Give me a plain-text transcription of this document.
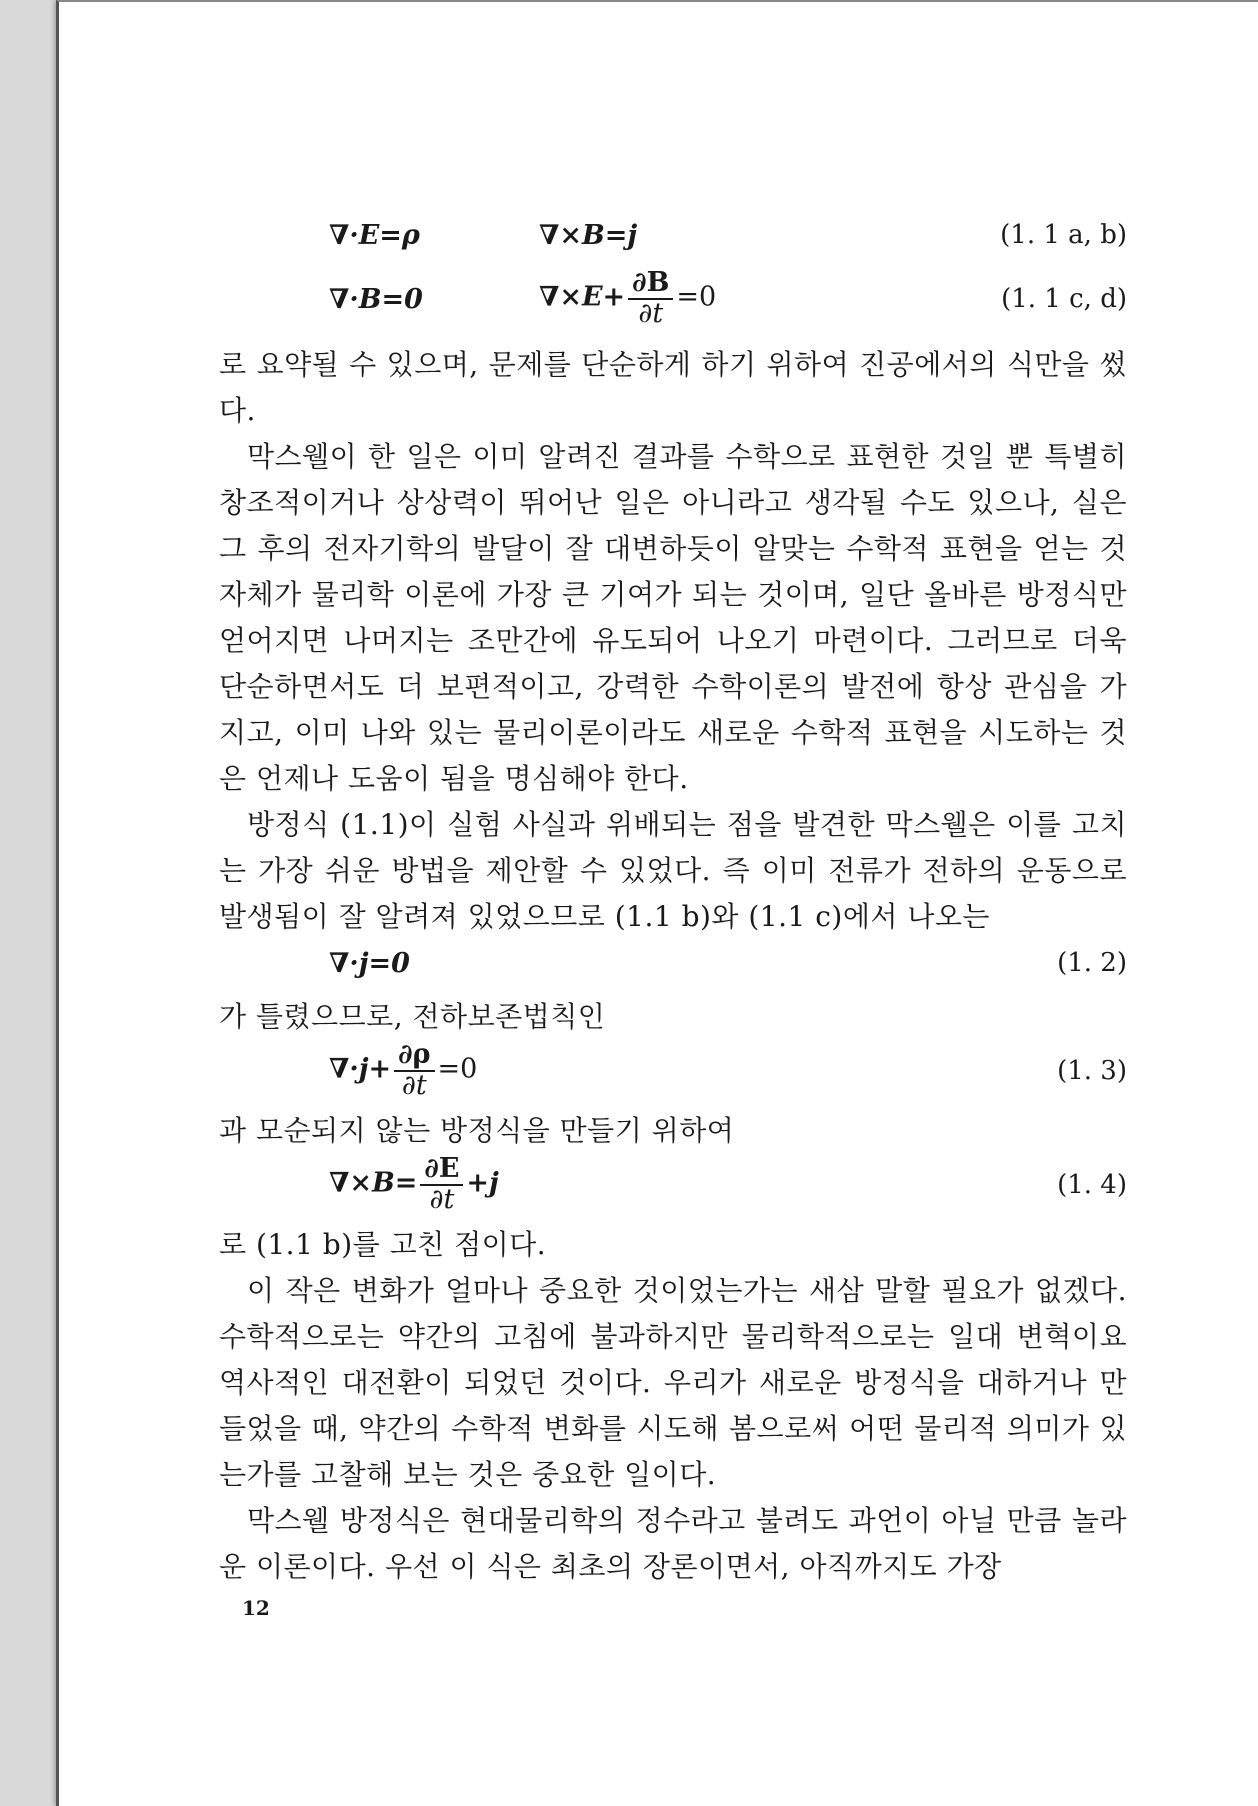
∇·E=ρ	∇×B=j	(1. 1 a, b)
∇·B=0	$\nabla\times E+ \frac{\partial B}{\partial t} =0$	(1. 1 c, d)

로 요약될 수 있으며, 문제를 단순하게 하기 위하여 진공에서의 식만을 썼다.

막스웰이 한 일은 이미 알려진 결과를 수학으로 표현한 것일 뿐 특별히 창조적이거나 상상력이 뛰어난 일은 아니라고 생각될 수도 있으나, 실은 그 후의 전자기학의 발달이 잘 대변하듯이 알맞는 수학적 표현을 얻는 것 자체가 물리학 이론에 가장 큰 기여가 되는 것이며, 일단 올바른 방정식만 얻어지면 나머지는 조만간에 유도되어 나오기 마련이다. 그러므로 더욱 단순하면서도 더 보편적이고, 강력한 수학이론의 발전에 항상 관심을 가지고, 이미 나와 있는 물리이론이라도 새로운 수학적 표현을 시도하는 것은 언제나 도움이 됨을 명심해야 한다.

방정식 (1.1)이 실험 사실과 위배되는 점을 발견한 막스웰은 이를 고치는 가장 쉬운 방법을 제안할 수 있었다. 즉 이미 전류가 전하의 운동으로 발생됨이 잘 알려져 있었으므로 (1.1 b)와 (1.1 c)에서 나오는

∇·j=0	(1. 2)

가 틀렸으므로, 전하보존법칙인

$\nabla\cdot j+ \frac{\partial\rho}{\partial t} =0$	(1. 3)

과 모순되지 않는 방정식을 만들기 위하여

$\nabla\times B= \frac{\partial E}{\partial t} +j$	(1. 4)

로 (1.1 b)를 고친 점이다.

이 작은 변화가 얼마나 중요한 것이었는가는 새삼 말할 필요가 없겠다. 수학적으로는 약간의 고침에 불과하지만 물리학적으로는 일대 변혁이요 역사적인 대전환이 되었던 것이다. 우리가 새로운 방정식을 대하거나 만들었을 때, 약간의 수학적 변화를 시도해 봄으로써 어떤 물리적 의미가 있는가를 고찰해 보는 것은 중요한 일이다.

막스웰 방정식은 현대물리학의 정수라고 불려도 과언이 아닐 만큼 놀라운 이론이다. 우선 이 식은 최초의 장론이면서, 아직까지도 가장

12
